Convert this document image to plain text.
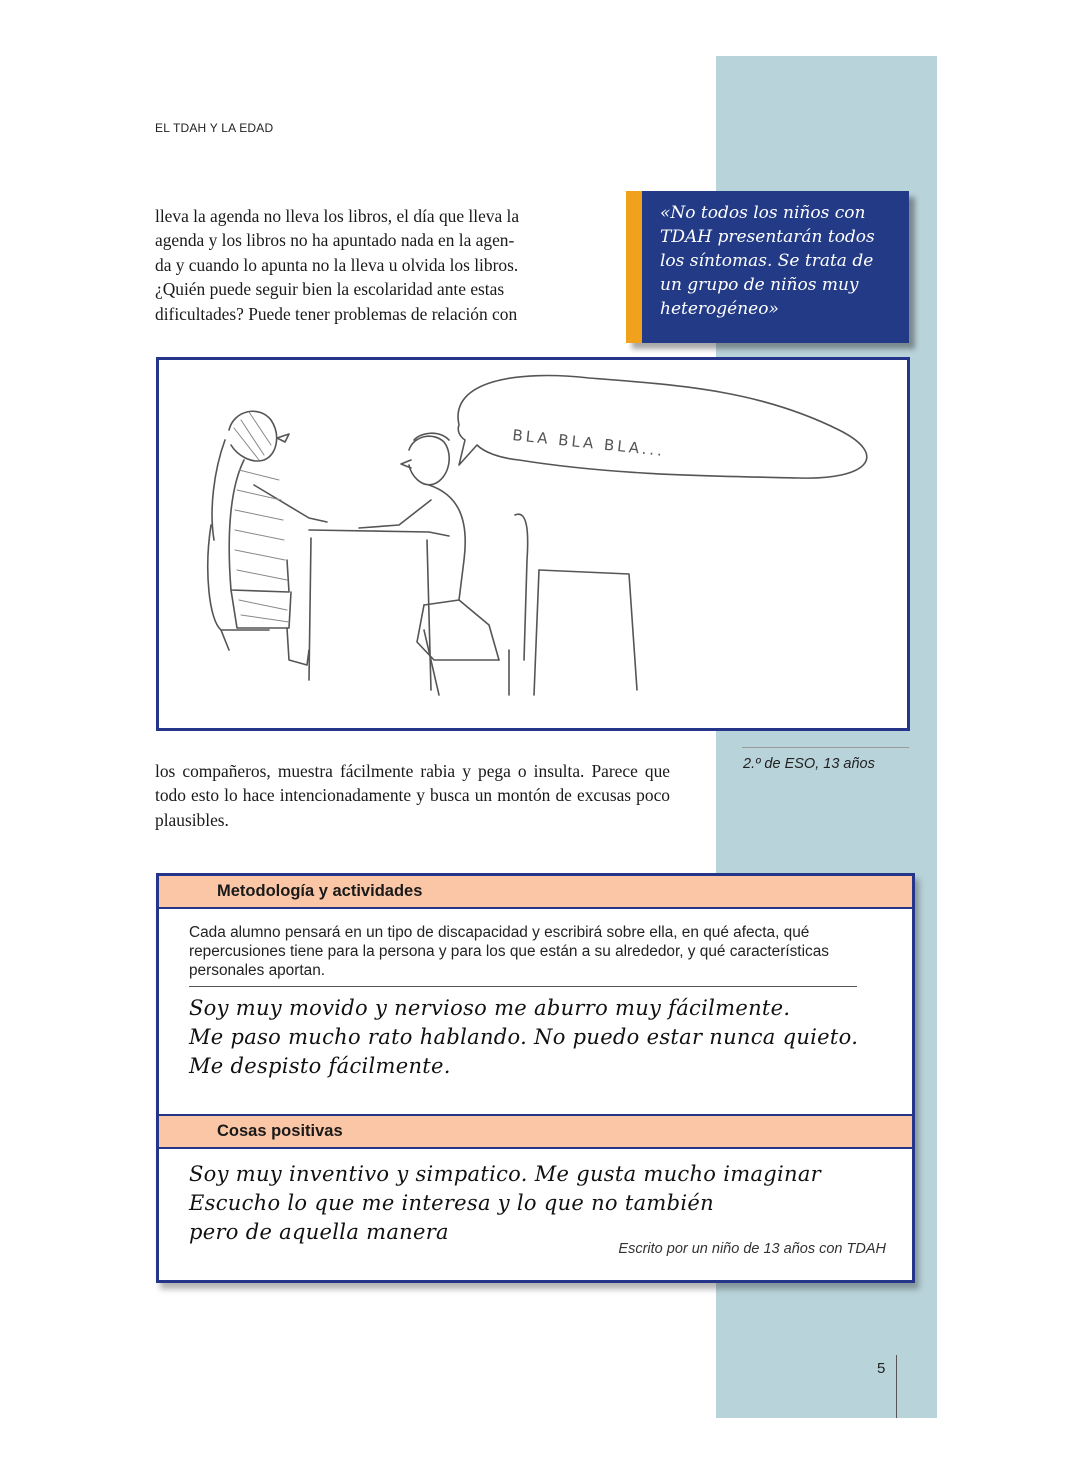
EL TDAH Y LA EDAD
lleva la agenda no lleva los libros, el día que lleva la
agenda y los libros no ha apuntado nada en la agen-
da y cuando lo apunta no la lleva u olvida los libros.
¿Quién puede seguir bien la escolaridad ante estas
dificultades? Puede tener problemas de relación con
«No todos los niños con
TDAH presentarán todos
los síntomas. Se trata de
un grupo de niños muy
heterogéneo»
BLA BLA BLA...
2.º de ESO, 13 años
los compañeros, muestra fácilmente rabia y pega o insulta. Parece que todo esto lo hace intencionadamente y busca un montón de excusas poco plausibles.
Metodología y actividades
Cada alumno pensará en un tipo de discapacidad y escribirá sobre ella, en qué afecta, qué repercusiones tiene para la persona y para los que están a su alrededor, y qué características personales aportan.
Soy muy movido y nervioso me aburro muy fácilmente.
Me paso mucho rato hablando. No puedo estar nunca quieto.
Me despisto fácilmente.
Cosas positivas
Soy muy inventivo y simpatico. Me gusta mucho imaginar
Escucho lo que me interesa y lo que no también
pero de aquella manera
Escrito por un niño de 13 años con TDAH
5
